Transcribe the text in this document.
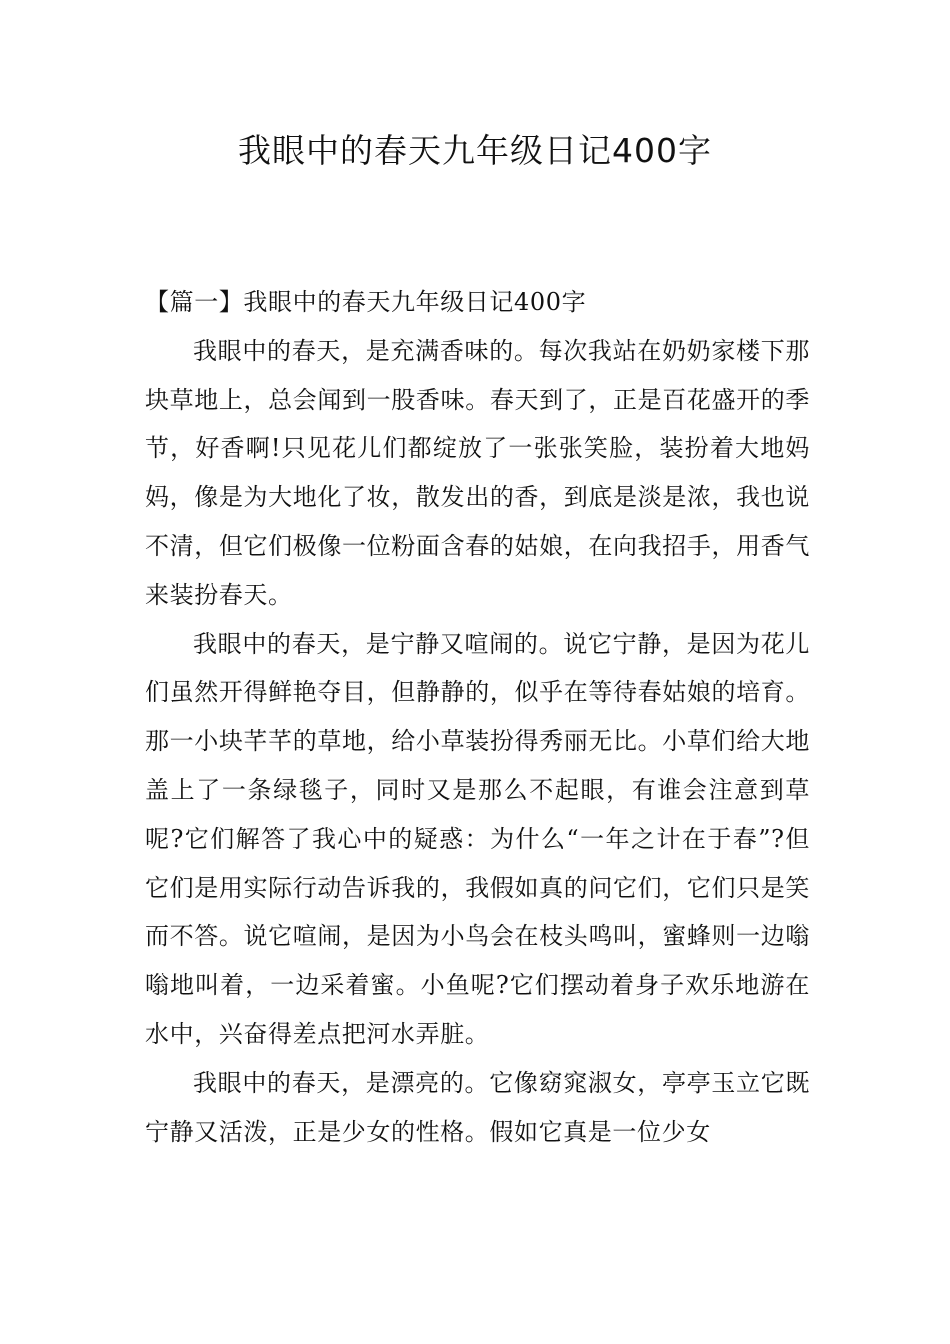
我眼中的春天九年级日记400字

【篇一】我眼中的春天九年级日记400字

我眼中的春天，是充满香味的。每次我站在奶奶家楼下那块草地上，总会闻到一股香味。春天到了，正是百花盛开的季节，好香啊!只见花儿们都绽放了一张张笑脸，装扮着大地妈妈，像是为大地化了妆，散发出的香，到底是淡是浓，我也说不清，但它们极像一位粉面含春的姑娘，在向我招手，用香气来装扮春天。

我眼中的春天，是宁静又喧闹的。说它宁静，是因为花儿们虽然开得鲜艳夺目，但静静的，似乎在等待春姑娘的培育。那一小块芊芊的草地，给小草装扮得秀丽无比。小草们给大地盖上了一条绿毯子，同时又是那么不起眼，有谁会注意到草呢?它们解答了我心中的疑惑：为什么“一年之计在于春”?但它们是用实际行动告诉我的，我假如真的问它们，它们只是笑而不答。说它喧闹，是因为小鸟会在枝头鸣叫，蜜蜂则一边嗡嗡地叫着，一边采着蜜。小鱼呢?它们摆动着身子欢乐地游在水中，兴奋得差点把河水弄脏。

我眼中的春天，是漂亮的。它像窈窕淑女，亭亭玉立它既宁静又活泼，正是少女的性格。假如它真是一位少女
